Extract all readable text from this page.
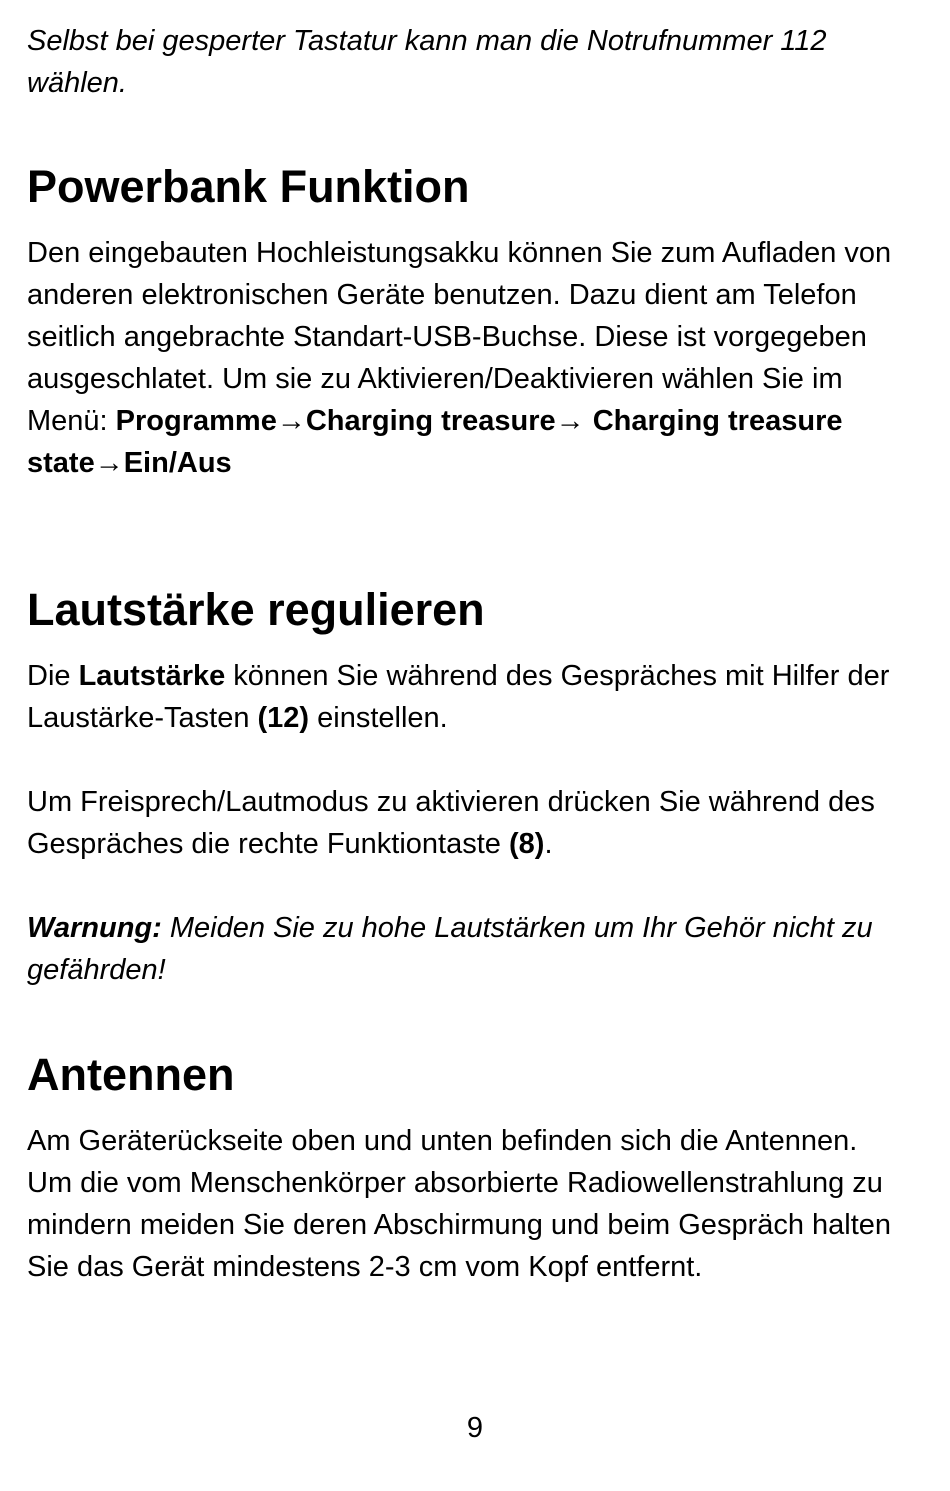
Selbst bei gesperter Tastatur kann man die Notrufnummer 112 wählen.

Powerbank Funktion

Den eingebauten Hochleistungsakku können Sie zum Aufladen von anderen elektronischen Geräte benutzen. Dazu dient am Telefon seitlich angebrachte Standart-USB-Buchse. Diese ist vorgegeben ausgeschlatet. Um sie zu Aktivieren/Deaktivieren wählen Sie im Menü: Programme→Charging treasure→ Charging treasure state→Ein/Aus

Lautstärke regulieren

Die Lautstärke können Sie während des Gespräches mit Hilfer der Laustärke-Tasten (12) einstellen.

Um Freisprech/Lautmodus zu aktivieren drücken Sie während des Gespräches die rechte Funktiontaste (8).

Warnung: Meiden Sie zu hohe Lautstärken um Ihr Gehör nicht zu gefährden!

Antennen

Am Geräterückseite oben und unten befinden sich die Antennen. Um die vom Menschenkörper absorbierte Radiowellenstrahlung zu mindern meiden Sie deren Abschirmung und beim Gespräch halten Sie das Gerät mindestens 2-3 cm vom Kopf entfernt.

9
